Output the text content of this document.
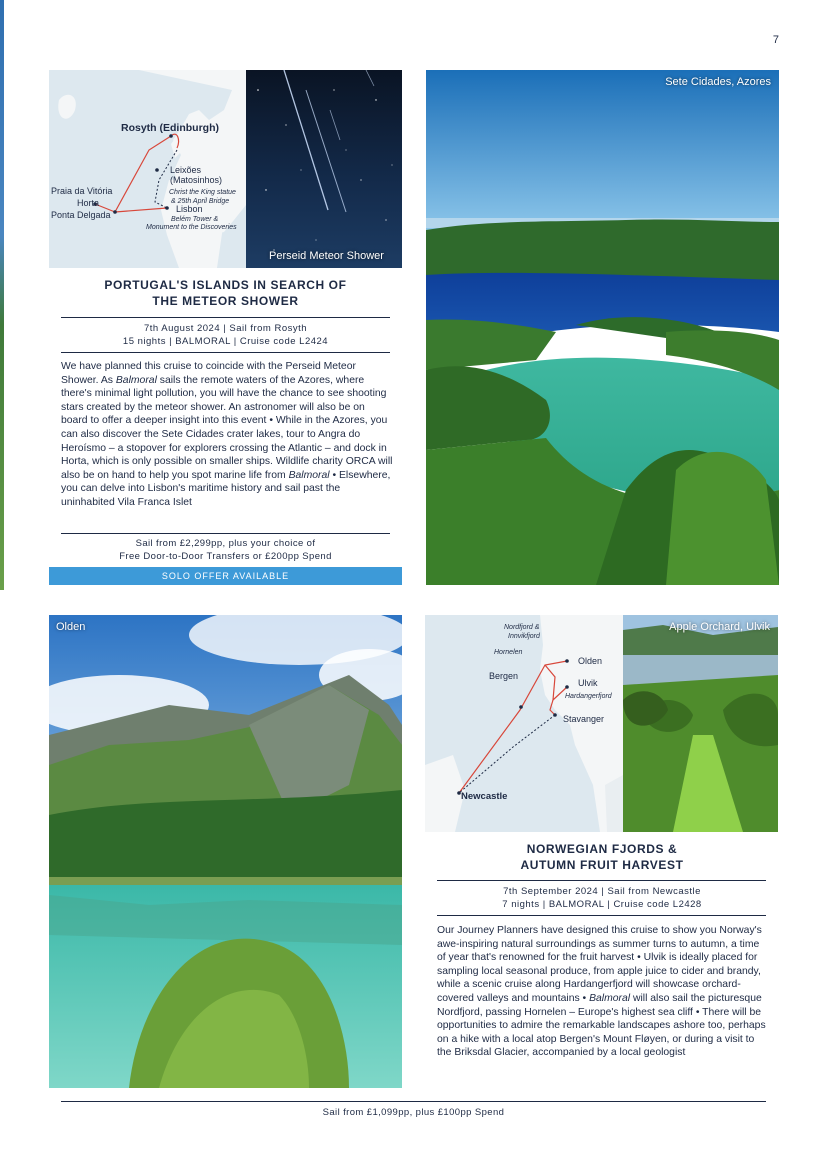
7
Rosyth (Edinburgh)
Leixões
(Matosinhos)
Christ the King statue
& 25th April Bridge
Lisbon
Belém Tower &
Monument to the Discoveries
Praia da Vitória
Horta
Ponta Delgada
Perseid Meteor Shower
PORTUGAL'S ISLANDS IN SEARCH OF
THE METEOR SHOWER
7th August 2024 | Sail from Rosyth
15 nights | BALMORAL | Cruise code L2424
We have planned this cruise to coincide with the Perseid Meteor Shower. As Balmoral sails the remote waters of the Azores, where there's minimal light pollution, you will have the chance to see shooting stars created by the meteor shower. An astronomer will also be on board to offer a deeper insight into this event • While in the Azores, you can also discover the Sete Cidades crater lakes, tour to Angra do Heroísmo – a stopover for explorers crossing the Atlantic – and dock in Horta, which is only possible on smaller ships. Wildlife charity ORCA will also be on hand to help you spot marine life from Balmoral • Elsewhere, you can delve into Lisbon's maritime history and sail past the uninhabited Vila Franca Islet
Sail from £2,299pp, plus your choice of
Free Door-to-Door Transfers or £200pp Spend
SOLO OFFER AVAILABLE
Sete Cidades, Azores
Olden	Nordfjord &
Innvikfjord
Hornelen
Olden
Bergen
Ulvik
Hardangerfjord
Stavanger
Newcastle
Apple Orchard, Ulvik
NORWEGIAN FJORDS &
AUTUMN FRUIT HARVEST
7th September 2024 | Sail from Newcastle
7 nights | BALMORAL | Cruise code L2428
Our Journey Planners have designed this cruise to show you Norway's awe-inspiring natural surroundings as summer turns to autumn, a time of year that's renowned for the fruit harvest • Ulvik is ideally placed for sampling local seasonal produce, from apple juice to cider and brandy, while a scenic cruise along Hardangerfjord will showcase orchard-covered valleys and mountains • Balmoral will also sail the picturesque Nordfjord, passing Hornelen – Europe's highest sea cliff • There will be opportunities to admire the remarkable landscapes ashore too, perhaps on a hike with a local atop Bergen's Mount Fløyen, or during a visit to the Briksdal Glacier, accompanied by a local geologist
Sail from £1,099pp, plus £100pp Spend
